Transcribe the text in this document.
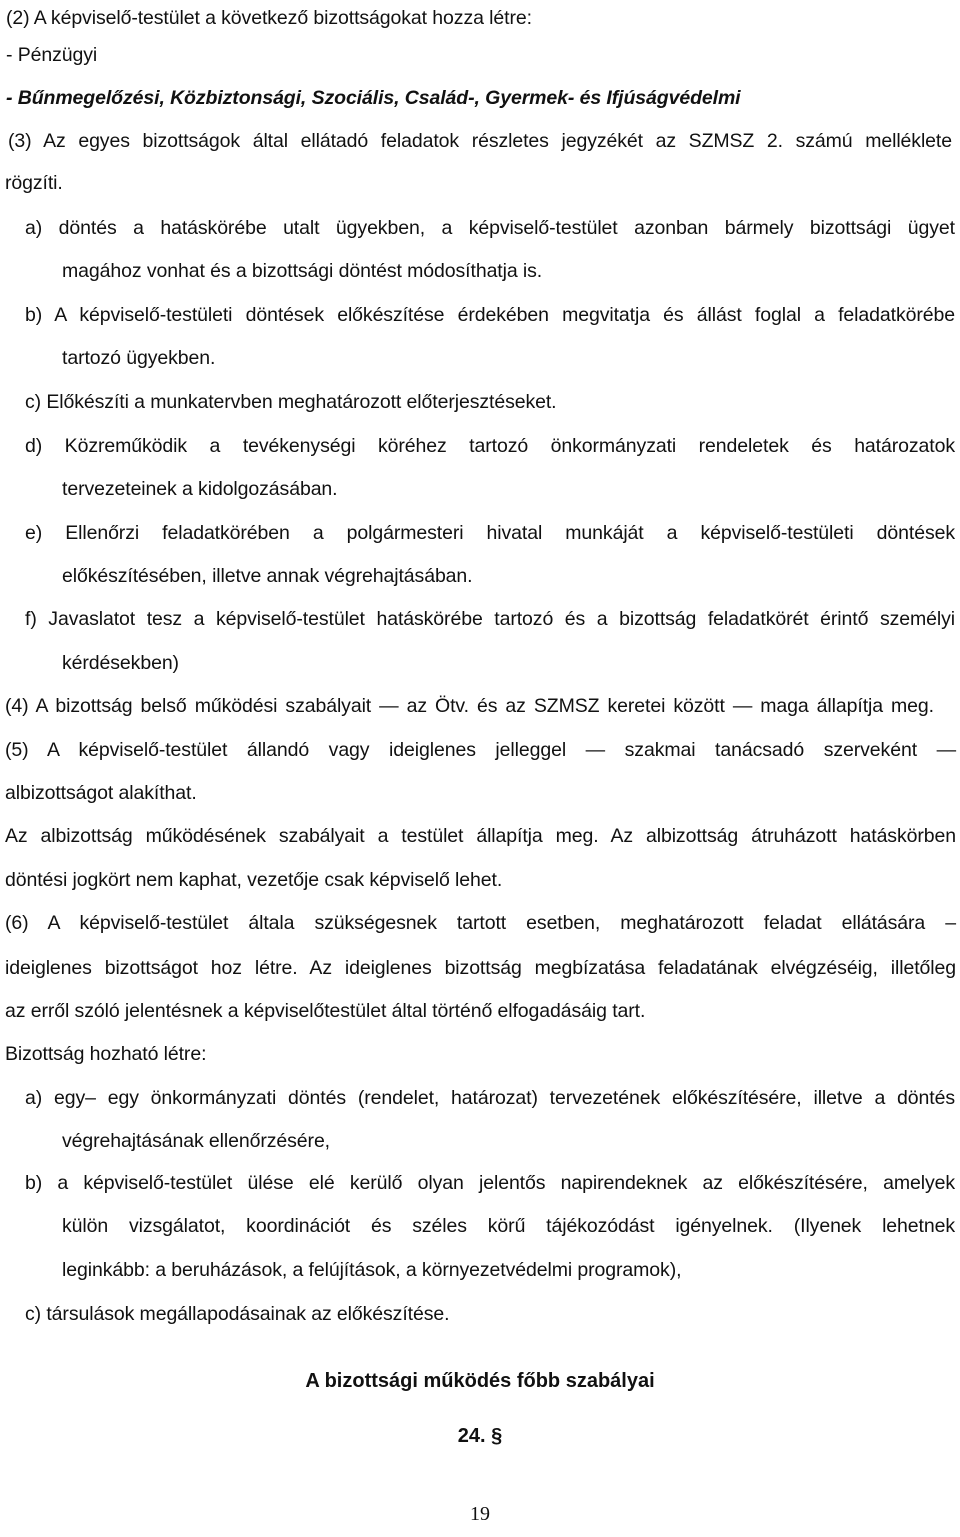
(2) A képviselő-testület a következő bizottságokat hozza létre:
- Pénzügyi
- Bűnmegelőzési, Közbiztonsági, Szociális, Család-, Gyermek- és Ifjúságvédelmi
(3) Az egyes bizottságok által ellátadó feladatok részletes jegyzékét az SZMSZ 2. számú melléklete
rögzíti.
a) döntés a hatáskörébe utalt ügyekben, a képviselő-testület azonban bármely bizottsági ügyet
magához vonhat és a bizottsági döntést módosíthatja is.
b) A képviselő-testületi döntések előkészítése érdekében megvitatja és állást foglal a feladatkörébe
tartozó ügyekben.
c) Előkészíti a munkatervben meghatározott előterjesztéseket.
d) Közreműködik a tevékenységi köréhez tartozó önkormányzati rendeletek és határozatok
tervezeteinek a kidolgozásában.
e) Ellenőrzi feladatkörében a polgármesteri hivatal munkáját a képviselő-testületi döntések
előkészítésében, illetve annak végrehajtásában.
f) Javaslatot tesz a képviselő-testület hatáskörébe tartozó és a bizottság feladatkörét érintő személyi
kérdésekben)
(4) A bizottság belső működési szabályait — az Ötv. és az SZMSZ keretei között — maga állapítja meg.
(5) A képviselő-testület állandó vagy ideiglenes jelleggel — szakmai tanácsadó szerveként —
albizottságot alakíthat.
Az albizottság működésének szabályait a testület állapítja meg. Az albizottság átruházott hatáskörben
döntési jogkört nem kaphat, vezetője csak képviselő lehet.
(6) A képviselő-testület általa szükségesnek tartott esetben, meghatározott feladat ellátására –
ideiglenes bizottságot hoz létre. Az ideiglenes bizottság megbízatása feladatának elvégzéséig, illetőleg
az erről szóló jelentésnek a képviselőtestület által történő elfogadásáig tart.
Bizottság hozható létre:
a) egy– egy önkormányzati döntés (rendelet, határozat) tervezetének előkészítésére, illetve a döntés
végrehajtásának ellenőrzésére,
b) a képviselő-testület ülése elé kerülő olyan jelentős napirendeknek az előkészítésére, amelyek
külön vizsgálatot, koordinációt és széles körű tájékozódást igényelnek. (Ilyenek lehetnek
leginkább: a beruházások, a felújítások, a környezetvédelmi programok),
c) társulások megállapodásainak az előkészítése.
A bizottsági működés főbb szabályai
24. §
19
